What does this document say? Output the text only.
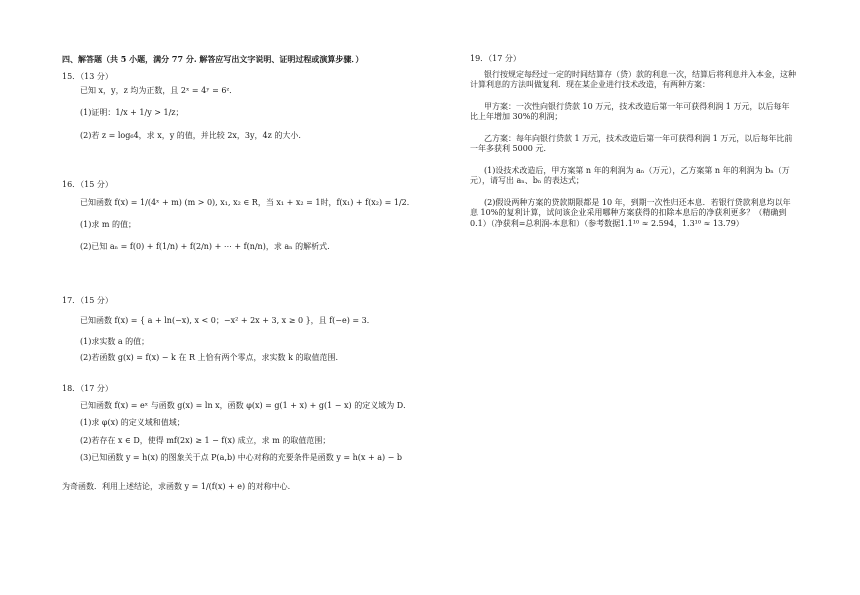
四、解答题（共 5 小题，满分 77 分. 解答应写出文字说明、证明过程或演算步骤．）
15．（13 分）
已知 x，y，z 均为正数，且 2ˣ = 4ʸ = 6ᶻ．
(1)证明：1/x + 1/y > 1/z；
(2)若 z = log₆4，求 x，y 的值，并比较 2x，3y，4z 的大小.
16．（15 分）
已知函数 f(x) = 1/(4ˣ + m) (m > 0), x₁, x₂ ∈ R，当 x₁ + x₂ = 1时，f(x₁) + f(x₂) = 1/2．
(1)求 m 的值；
(2)已知 aₙ = f(0) + f(1/n) + f(2/n) + ⋯ + f(n/n)，求 aₙ 的解析式.
17．（15 分）
已知函数 f(x) = { a + ln(−x), x < 0；−x² + 2x + 3, x ≥ 0 }，且 f(−e) = 3．
(1)求实数 a 的值；
(2)若函数 g(x) = f(x) − k 在 R 上恰有两个零点，求实数 k 的取值范围.
18．（17 分）
已知函数 f(x) = eˣ 与函数 g(x) = ln x，函数 φ(x) = g(1 + x) + g(1 − x) 的定义域为 D．
(1)求 φ(x) 的定义域和值域；
(2)若存在 x ∈ D，使得 mf(2x) ≥ 1 − f(x) 成立，求 m 的取值范围；
(3)已知函数 y = h(x) 的图象关于点 P(a,b) 中心对称的充要条件是函数 y = h(x + a) − b
为奇函数．利用上述结论，求函数 y = 1/(f(x) + e) 的对称中心.
19．（17 分）
银行按规定每经过一定的时间结算存（贷）款的利息一次，结算后将利息并入本金，这种计算利息的方法叫做复利．现在某企业进行技术改造，有两种方案：
甲方案：一次性向银行贷款 10 万元，技术改造后第一年可获得利润 1 万元，以后每年比上年增加 30%的利润；
乙方案：每年向银行贷款 1 万元，技术改造后第一年可获得利润 1 万元，以后每年比前一年多获利 5000 元．
(1)设技术改造后，甲方案第 n 年的利润为 aₙ（万元），乙方案第 n 年的利润为 bₙ（万元），请写出 aₙ、bₙ 的表达式；
(2)假设两种方案的贷款期限都是 10 年，到期一次性归还本息．若银行贷款利息均以年息 10%的复利计算，试问该企业采用哪种方案获得的扣除本息后的净获利更多？（精确到 0.1）（净获利=总利润-本息和）（参考数据1.1¹⁰ ≈ 2.594，1.3¹⁰ ≈ 13.79）
